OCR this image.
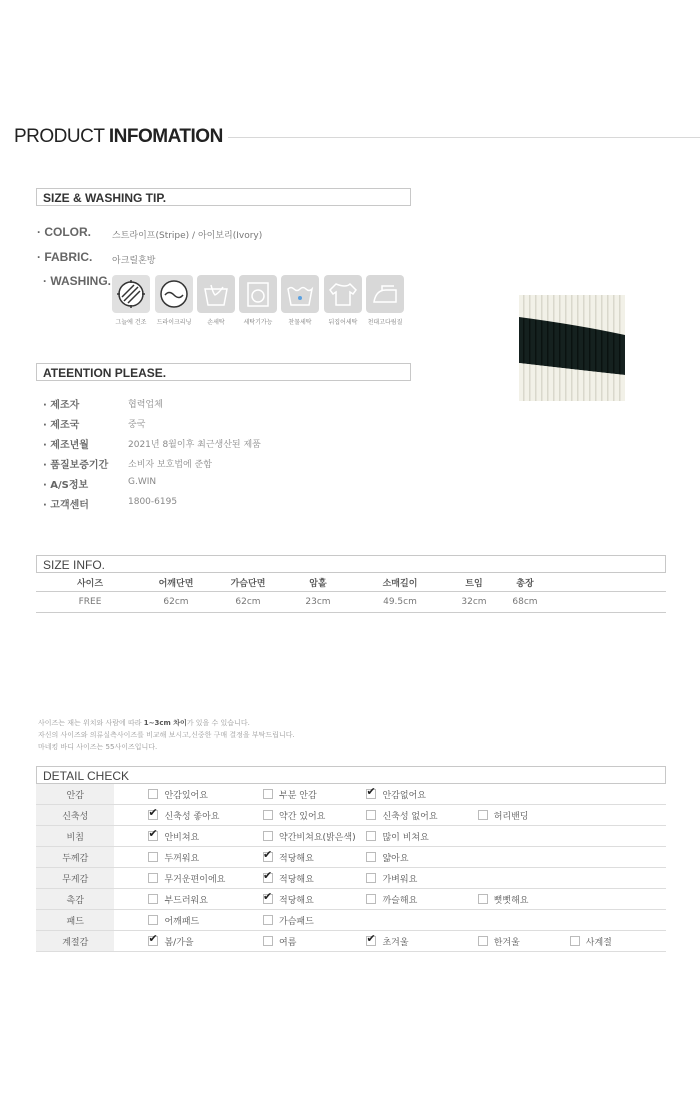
PRODUCT INFOMATION
SIZE & WASHING TIP.
· COLOR. 스트라이프(Stripe) / 아이보리(Ivory)
· FABRIC. 아크릴혼방
· WASHING.
그늘에 건조	드라이크리닝	손세탁	세탁기가능	찬물세탁	뒤집어세탁	천대고다림질
ATEENTION PLEASE.
· 제조자	협력업체
· 제조국	중국
· 제조년월	2021년 8월이후 최근생산된 제품
· 품질보증기간 소비자 보호법에 준함
· A/S정보	G.WIN
· 고객센터	1800-6195
SIZE INFO.
사이즈	어깨단면	가슴단면	암홀	소매길이	트임	총장	
FREE	62cm	62cm	23cm	49.5cm	32cm	68cm	
사이즈는 재는 위치와 사람에 따라 1~3cm 차이가 있을 수 있습니다.
자신의 사이즈와 의류실측사이즈를 비교해 보시고,신중한 구매 결정을 부탁드립니다.
마네킹 바디 사이즈는 55사이즈입니다.
DETAIL CHECK
안감	안감있어요	부분 안감	✔안감없어요		
신축성	✔신축성 좋아요	약간 있어요	신축성 없어요	허리밴딩	
비침	✔안비쳐요	약간비쳐요(밝은색)	많이 비쳐요		
두께감	두꺼워요	✔적당해요	얇아요		
무게감	무거운편이에요	✔적당해요	가벼워요		
촉감	부드러워요	✔적당해요	까슬해요	뻣뻣해요	
패드	어깨패드	가슴패드			
계절감	✔봄/가을	여름	✔초겨울	한겨울	사계절
